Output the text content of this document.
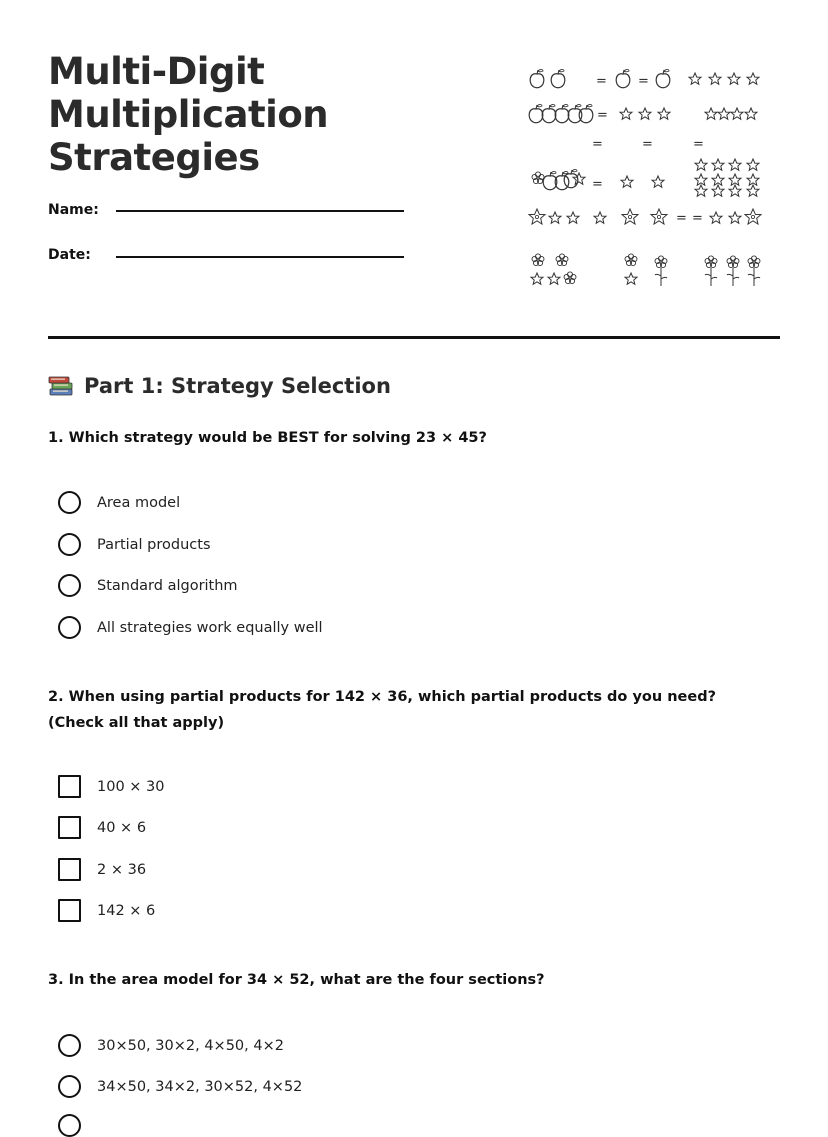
Multi-Digit
Multiplication
Strategies
Name:
Date:
= =
=
=	=	=
=
= =
Part 1: Strategy Selection
1. Which strategy would be BEST for solving 23 × 45?
Area model
Partial products
Standard algorithm
All strategies work equally well
2. When using partial products for 142 × 36, which partial products do you need? (Check all that apply)
100 × 30
40 × 6
2 × 36
142 × 6
3. In the area model for 34 × 52, what are the four sections?
30×50, 30×2, 4×50, 4×2
34×50, 34×2, 30×52, 4×52
